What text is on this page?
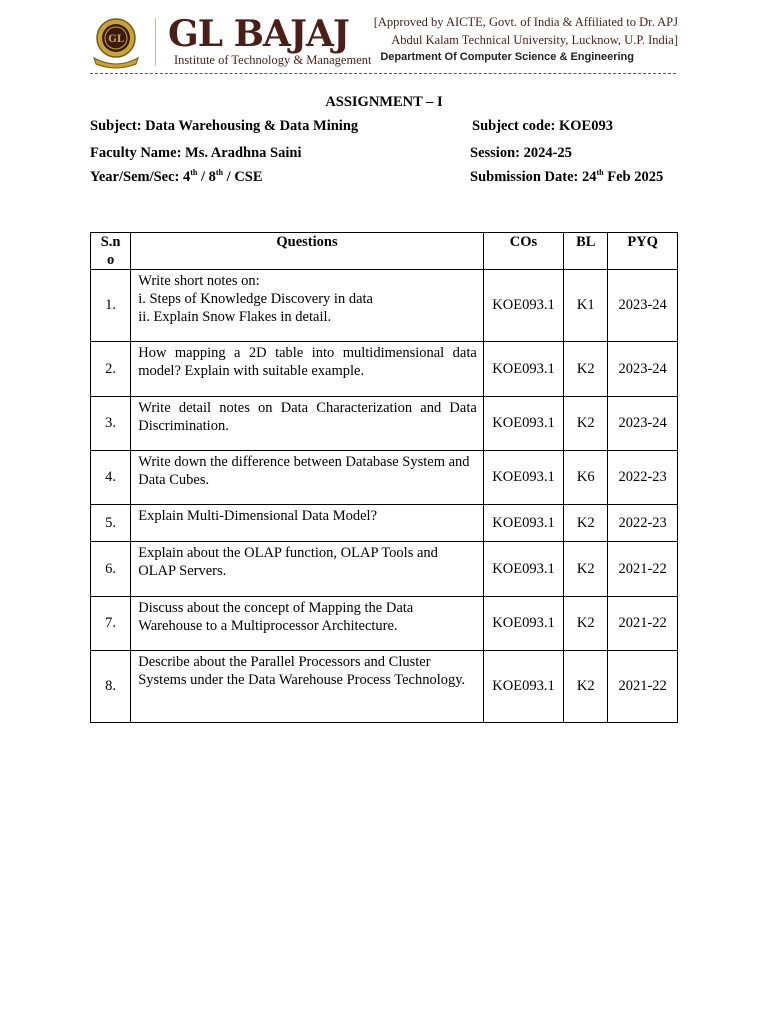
GL GL BAJAJ
Institute of Technology & Management
[Approved by AICTE, Govt. of India & Affiliated to Dr. APJ
Abdul Kalam Technical University, Lucknow, U.P. India]
Department Of Computer Science & Engineering
ASSIGNMENT – I
Subject: Data Warehousing & Data Mining	Subject code: KOE093
Faculty Name: Ms. Aradhna Saini	Session: 2024-25
Year/Sem/Sec: 4th / 8th / CSE	Submission Date: 24th Feb 2025
S.n
o	Questions	COs	BL	PYQ
1.	Write short notes on:
i. Steps of Knowledge Discovery in data
ii. Explain Snow Flakes in detail.	KOE093.1	K1	2023-24
2.	How mapping a 2D table into multidimensional data model? Explain with suitable example.	KOE093.1	K2	2023-24
3.	Write detail notes on Data Characterization and Data Discrimination.	KOE093.1	K2	2023-24
4.	Write down the difference between Database System and Data Cubes.	KOE093.1	K6	2022-23
5.	Explain Multi-Dimensional Data Model?	KOE093.1	K2	2022-23
6.	Explain about the OLAP function, OLAP Tools and OLAP Servers.	KOE093.1	K2	2021-22
7.	Discuss about the concept of Mapping the Data Warehouse to a Multiprocessor Architecture.	KOE093.1	K2	2021-22
8.	Describe about the Parallel Processors and Cluster Systems under the Data Warehouse Process Technology.	KOE093.1	K2	2021-22
